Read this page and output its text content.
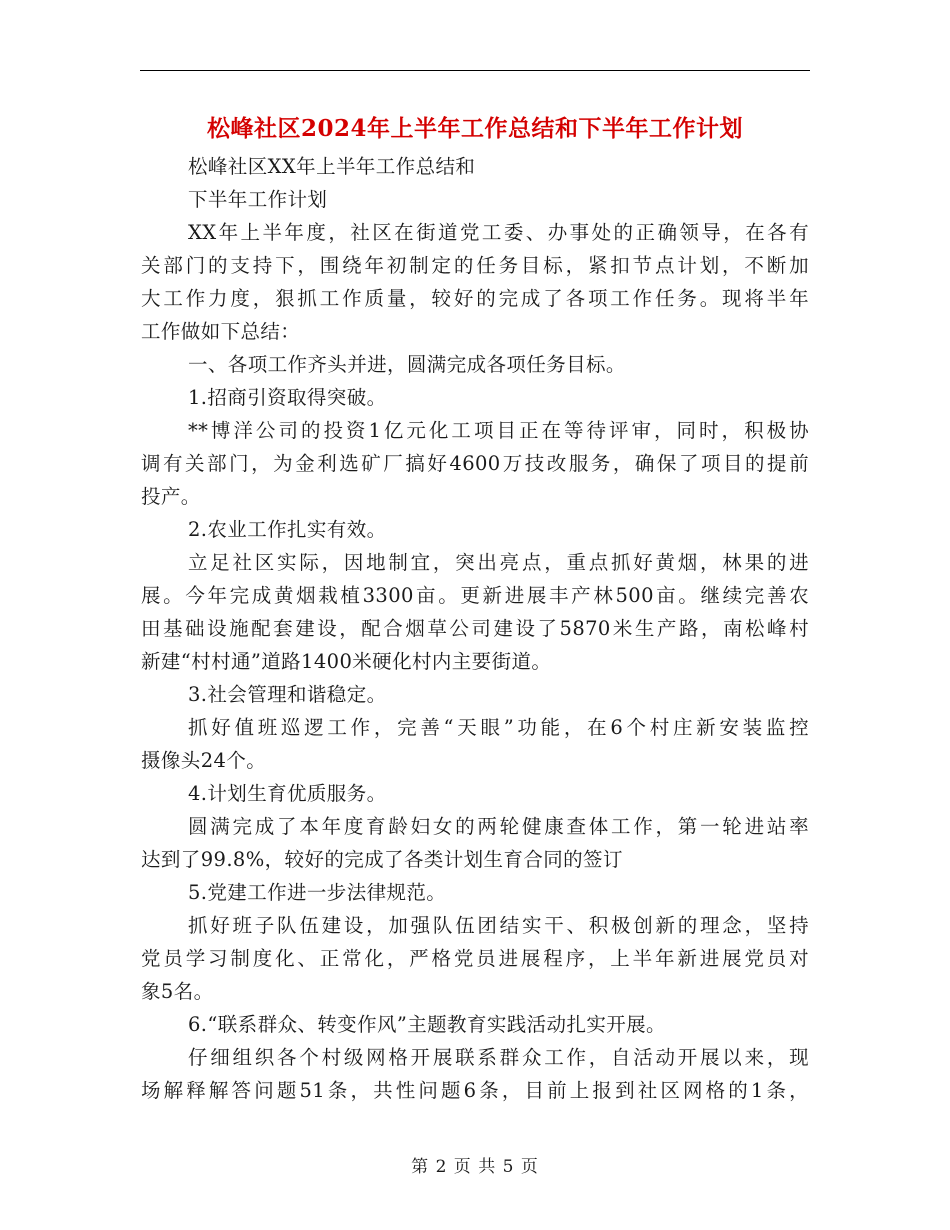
松峰社区2024年上半年工作总结和下半年工作计划
松峰社区XX年上半年工作总结和
下半年工作计划
XX年上半年度，社区在街道党工委、办事处的正确领导，在各有
关部门的支持下，围绕年初制定的任务目标，紧扣节点计划，不断加
大工作力度，狠抓工作质量，较好的完成了各项工作任务。现将半年
工作做如下总结：
一、各项工作齐头并进，圆满完成各项任务目标。
1.招商引资取得突破。
**博洋公司的投资1亿元化工项目正在等待评审，同时，积极协
调有关部门，为金利选矿厂搞好4600万技改服务，确保了项目的提前
投产。
2.农业工作扎实有效。
立足社区实际，因地制宜，突出亮点，重点抓好黄烟，林果的进
展。今年完成黄烟栽植3300亩。更新进展丰产林500亩。继续完善农
田基础设施配套建设，配合烟草公司建设了5870米生产路，南松峰村
新建“村村通”道路1400米硬化村内主要街道。
3.社会管理和谐稳定。
抓好值班巡逻工作，完善“天眼”功能，在6个村庄新安装监控
摄像头24个。
4.计划生育优质服务。
圆满完成了本年度育龄妇女的两轮健康查体工作，第一轮进站率
达到了99.8%，较好的完成了各类计划生育合同的签订
5.党建工作进一步法律规范。
抓好班子队伍建设，加强队伍团结实干、积极创新的理念，坚持
党员学习制度化、正常化，严格党员进展程序，上半年新进展党员对
象5名。
6.“联系群众、转变作风”主题教育实践活动扎实开展。
仔细组织各个村级网格开展联系群众工作，自活动开展以来，现
场解释解答问题51条，共性问题6条，目前上报到社区网格的1条，
第 2 页 共 5 页
